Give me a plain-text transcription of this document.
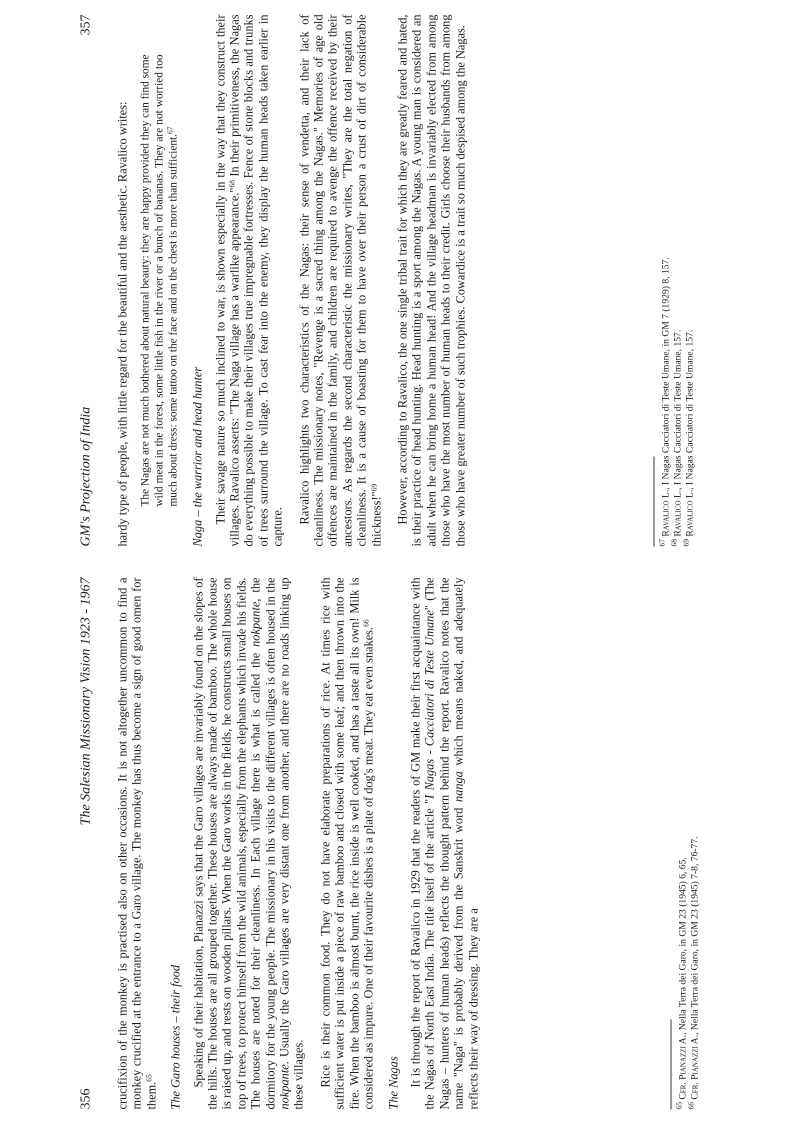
356
The Salesian Missionary Vision 1923 - 1967 crucifixion of the monkey is practised also on other occasions. It is not altogether uncommon to find a monkey crucified at the entrance to a Garo village. The monkey has thus become a sign of good omen for them.$^{65}$	The Garo houses – their food Speaking of their habitation, Pianazzi says that the Garo villages are invariably found on the slopes of the hills. The houses are all grouped together. These houses are always made of bamboo. The whole house is raised up, and rests on wooden pillars. When the Garo works in the fields, he constructs small houses on top of trees, to protect himself from the wild animals, especially from the elephants which invade his fields. The houses are noted for their cleanliness. In Each village there is what is called the nokpante, the dormitory for the young people. The missionary in his visits to the different villages is often housed in the nokpante. Usually the Garo villages are very distant one from another, and there are no roads linking up these villages. Rice is their common food. They do not have elaborate preparations of rice. At times rice with sufficient water is put inside a piece of raw bamboo and closed with some leaf; and then thrown into the fire. When the bamboo is almost burnt, the rice inside is well cooked, and has a taste all its own! Milk is considered as impure. One of their favourite dishes is a plate of dog's meat. They eat even snakes.$^{66}$

The Nagas It is through the report of Ravalico in 1929 that the readers of GM make their first acquaintance with the Nagas of North East India. The title itself of the article "I Nagas - Cacciatori di Teste Umane" (The Nagas – hunters of human heads) reflects the thought pattern behind the report. Ravalico notes that the name "Naga" is probably derived from the Sanskrit word nanga which means naked, and adequately reflects their way of dressing. They are a	$^{65}$ Cfr. Pianazzi A., Nella Terra dei Garo, in GM 23 (1945) 6, 65.

$^{66}$ Cfr. Pianazzi A., Nella Terra dei Garo, in GM 23 (1945) 7-8, 76-77.

GM's Projection of India
357

hardy type of people, with little regard for the beautiful and the aesthetic. Ravalico writes: The Nagas are not much bothered about natural beauty: they are happy provided they can find some wild meat in the forest, some little fish in the river or a bunch of bananas. They are not worried too much about dress: some tattoo on the face and on the chest is more than sufficient.$^{67}$

Naga – the warrior and head hunter Their savage nature so much inclined to war, is shown especially in the way that they construct their villages. Ravalico asserts: "The Naga village has a warlike appearance."$^{68}$ In their primitiveness, the Nagas do everything possible to make their villages true impregnable fortresses. Fence of stone blocks and trunks of trees surround the village. To cast fear into the enemy, they display the human heads taken earlier in capture.

Ravalico highlights two characteristics of the Nagas: their sense of vendetta, and their lack of cleanliness. The missionary notes, "Revenge is a sacred thing among the Nagas." Memories of age old offences are maintained in the family, and children are required to avenge the offence received by their ancestors. As regards the second characteristic the missionary writes, "They are the total negation of cleanliness. It is a cause of boasting for them to have over their person a crust of dirt of considerable thickness!"$^{69}$	However, according to Ravalico, the one single tribal trait for which they are greatly feared and hated, is their practice of head hunting. Head hunting is a sport among the Nagas. A young man is considered an adult when he can bring home a human head! And the village headman is invariably elected from among those who have the most number of human heads to their credit. Girls choose their husbands from among those who have greater number of such trophies. Cowardice is a trait so much despised among the Nagas.	$^{67}$ Ravalico L., I Nagas Cacciatori di Teste Umane, in GM 7 (1929) 8, 157.

$^{68}$ Ravalico L., I Nagas Cacciatori di Teste Umane, 157.

$^{69}$ Ravalico L., I Nagas Cacciatori di Teste Umane, 157.
